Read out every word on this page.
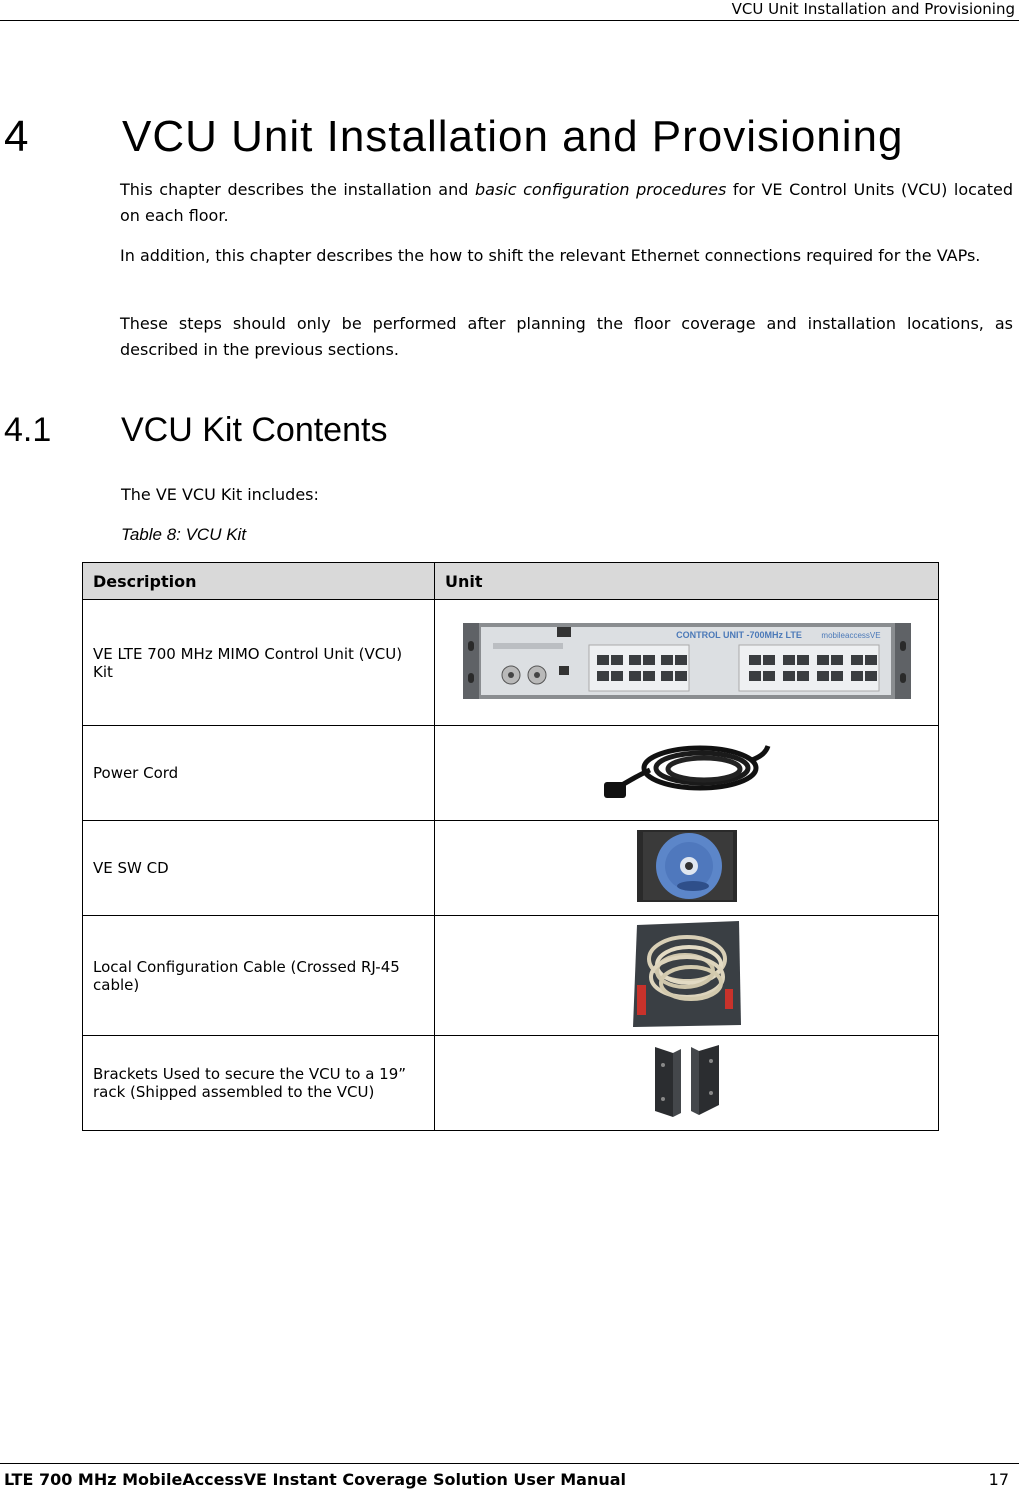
VCU Unit Installation and Provisioning
4 VCU Unit Installation and Provisioning
This chapter describes the installation and basic configuration procedures for VE Control Units (VCU) located on each floor.
In addition, this chapter describes the how to shift the relevant Ethernet connections required for the VAPs.
These steps should only be performed after planning the floor coverage and installation locations, as described in the previous sections.
4.1 VCU Kit Contents
The VE VCU Kit includes:
Table 8: VCU Kit
Description	Unit
VE LTE 700 MHz MIMO Control Unit (VCU) Kit	CONTROL UNIT -700MHz LTE mobileaccessVE

Power Cord	
VE SW CD	
Local Configuration Cable (Crossed RJ-45 cable)	
Brackets Used to secure the VCU to a 19” rack (Shipped assembled to the VCU)	
LTE 700 MHz MobileAccessVE Instant Coverage Solution User Manual	17
